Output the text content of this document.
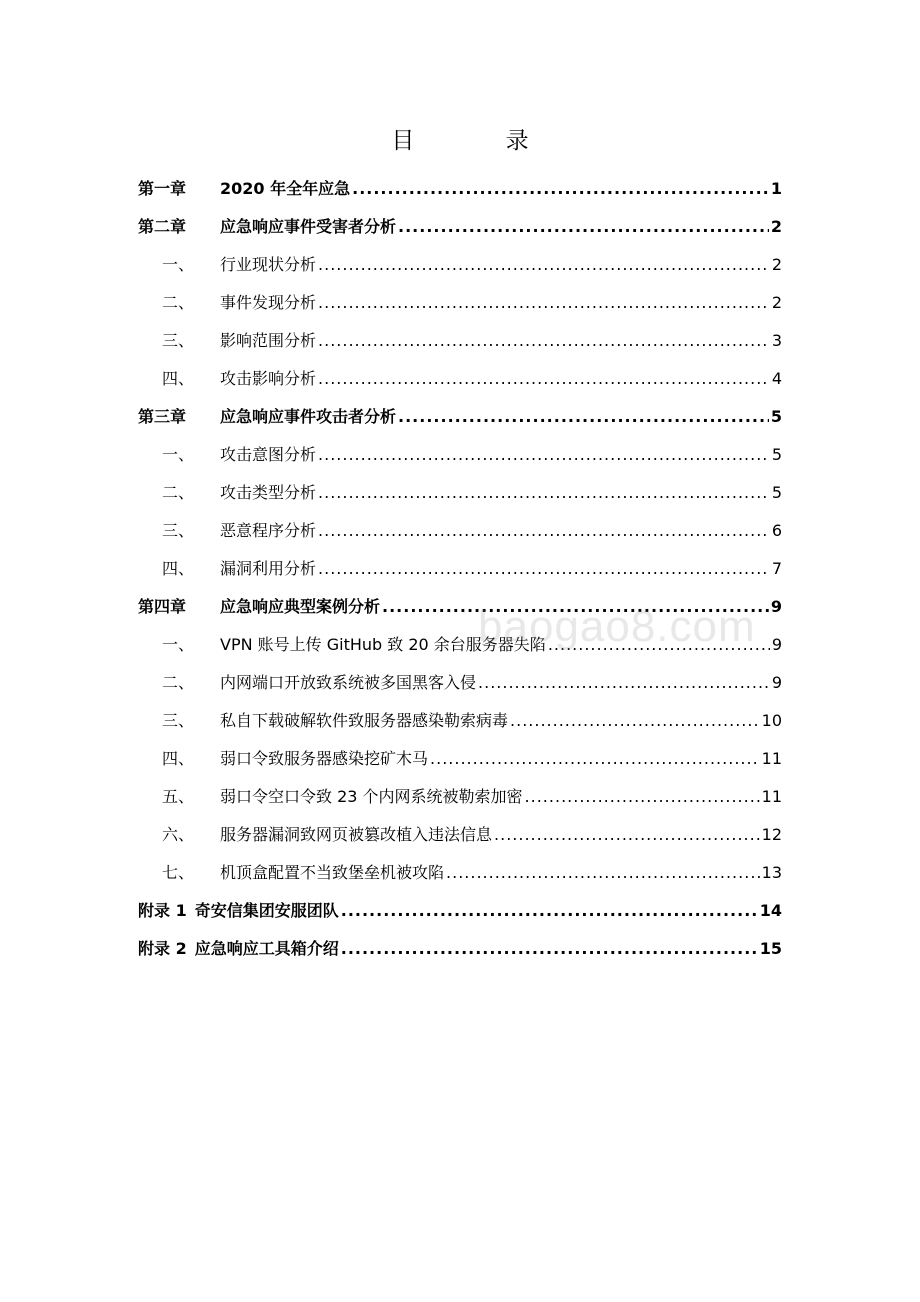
目 录
第一章	2020 年全年应急 .....	1
第二章	应急响应事件受害者分析 .....	2
一、	行业现状分析 .....	2
二、	事件发现分析 .....	2
三、	影响范围分析 .....	3
四、	攻击影响分析 .....	4
第三章	应急响应事件攻击者分析 .....	5
一、	攻击意图分析 .....	5
二、	攻击类型分析 .....	5
三、	恶意程序分析 .....	6
四、	漏洞利用分析 .....	7
第四章	应急响应典型案例分析 .....	9
一、	VPN 账号上传 GitHub 致 20 余台服务器失陷 .....	9
二、	内网端口开放致系统被多国黑客入侵 .....	9
三、	私自下载破解软件致服务器感染勒索病毒 .....	10
四、	弱口令致服务器感染挖矿木马 .....	11
五、	弱口令空口令致 23 个内网系统被勒索加密 .....	11
六、	服务器漏洞致网页被篡改植入违法信息 .....	12
七、	机顶盒配置不当致堡垒机被攻陷 .....	13
附录 1 奇安信集团安服团队 .....	14
附录 2 应急响应工具箱介绍 .....	15
baogao8.com
